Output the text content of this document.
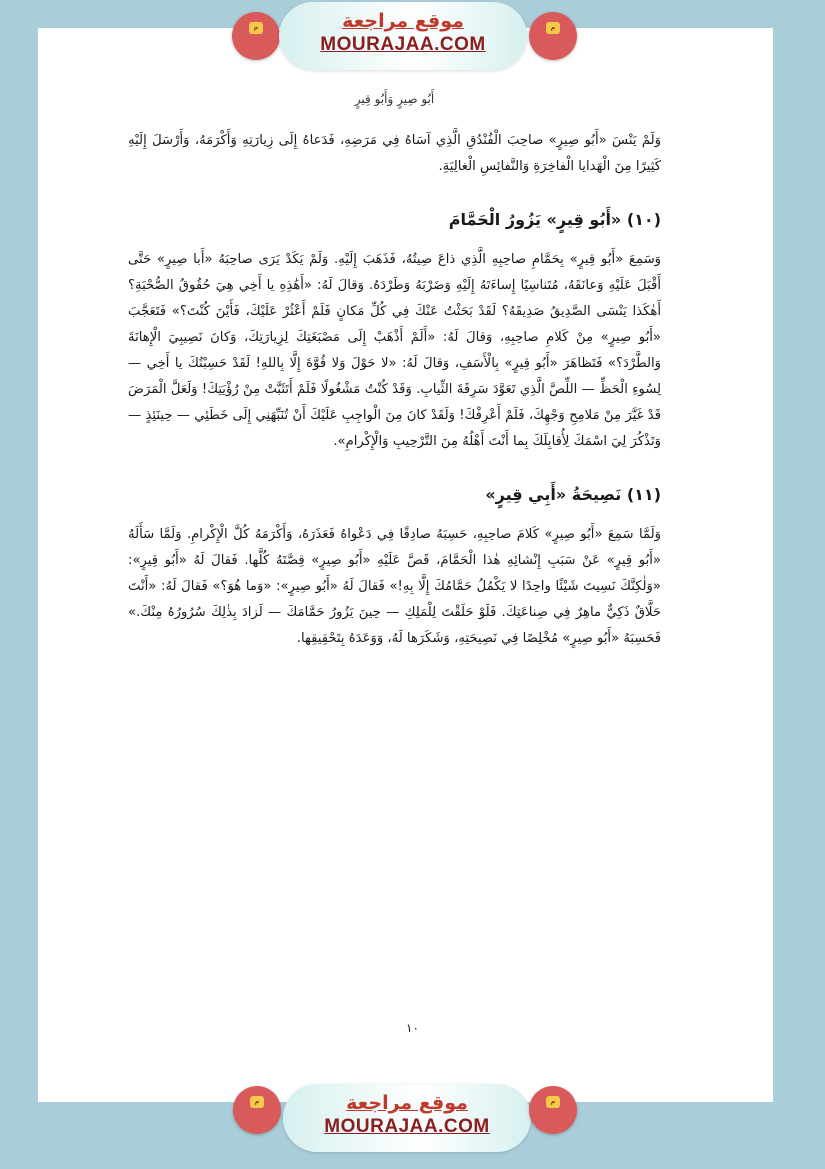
م	موقع مراجعة
MOURAJAA.COM
م

أَبُو صِيرٍ وَأَبُو قِيرٍ

وَلَمْ يَنْسَ «أَبُو صِيرٍ» صاحِبَ الْفُنْدُقِ الَّذِي آسَاهُ فِي مَرَضِهِ، فَدَعاهُ إِلَى زِيارَتِهِ وَأَكْرَمَهُ، وَأَرْسَلَ إِلَيْهِ كَثِيرًا مِنَ الْهَدايا الْفاخِرَةِ وَالنَّفائِسِ الْغالِيَةِ.

(١٠) «أَبُو قِيرٍ» يَزُورُ الْحَمَّامَ

وَسَمِعَ «أَبُو قِيرٍ» بِحَمَّامِ صاحِبِهِ الَّذِي ذاعَ صِيتُهُ، فَذَهَبَ إِلَيْهِ. وَلَمْ يَكَدْ يَرَى صاحِبَهُ «أَبا صِيرٍ» حَتَّى أَقْبَلَ عَلَيْهِ وَعانَقَهُ، مُتَناسِيًا إِساءَتَهُ إِلَيْهِ وَضَرْبَهُ وَطَرْدَهُ. وَقالَ لَهُ: «أَهَٰذِهِ يا أَخِي هِيَ حُقُوقُ الصُّحْبَةِ؟ أَهٰكَذا يَنْسَى الصَّدِيقُ صَدِيقَهُ؟ لَقَدْ بَحَثْتُ عَنْكَ فِي كُلِّ مَكانٍ فَلَمْ أَعْثُرْ عَلَيْكَ، فَأَيْنَ كُنْتَ؟» فَتَعَجَّبَ «أَبُو صِيرٍ» مِنْ كَلامِ صاحِبِهِ، وَقالَ لَهُ: «أَلَمْ أَذْهَبْ إِلَى مَصْبَغَتِكَ لِزِيارَتِكَ، وَكانَ نَصِيبِيَ الْإِهانَةَ وَالطَّرْدَ؟» فَتَظاهَرَ «أَبُو قِيرٍ» بِالْأَسَفِ، وَقالَ لَهُ: «لا حَوْلَ وَلا قُوَّةَ إِلَّا بِاللهِ! لَقَدْ حَسِبْتُكَ يا أَخِي — لِسُوءِ الْحَظِّ — اللِّصَّ الَّذِي تَعَوَّدَ سَرِقَةَ الثِّيابِ. وَقَدْ كُنْتُ مَشْغُولًا فَلَمْ أَتَثَبَّتْ مِنْ رُؤْيَتِكَ! وَلَعَلَّ الْمَرَضَ قَدْ غَيَّرَ مِنْ مَلامِحِ وَجْهِكَ، فَلَمْ أَعْرِفْكَ! وَلَقَدْ كانَ مِنَ الْواجِبِ عَلَيْكَ أَنْ تُنَبِّهَنِي إِلَى خَطَئِي — حِينَئِذٍ — وَتَذْكُرَ لِيَ اسْمَكَ لِأُقابِلَكَ بِما أَنْتَ أَهْلُهُ مِنَ التَّرْحِيبِ وَالْإِكْرامِ».

(١١) نَصِيحَةُ «أَبِي قِيرٍ»

وَلَمَّا سَمِعَ «أَبُو صِيرٍ» كَلامَ صاحِبِهِ، حَسِبَهُ صادِقًا فِي دَعْواهُ فَعَذَرَهُ، وَأَكْرَمَهُ كُلَّ الْإِكْرامِ. وَلَمَّا سَأَلَهُ «أَبُو قِيرٍ» عَنْ سَبَبِ إِنْشائِهِ هٰذا الْحَمَّامَ، قَصَّ عَلَيْهِ «أَبُو صِيرٍ» قِصَّتَهُ كُلَّها. فَقالَ لَهُ «أَبُو قِيرٍ»: «وَلٰكِنَّكَ نَسِيتَ شَيْئًا واحِدًا لا يَكْمُلُ حَمَّامُكَ إِلَّا بِهِ!» فَقالَ لَهُ «أَبُو صِيرٍ»: «وَما هُوَ؟» فَقالَ لَهُ: «أَنْتَ حَلَّاقٌ ذَكِيٌّ ماهِرٌ فِي صِناعَتِكَ. فَلَوْ حَلَقْتَ لِلْمَلِكِ — حِينَ يَزُورُ حَمَّامَكَ — لَزادَ بِذٰلِكَ سُرُورُهُ مِنْكَ.» فَحَسِبَهُ «أَبُو صِيرٍ» مُخْلِصًا فِي نَصِيحَتِهِ، وَشَكَرَها لَهُ، وَوَعَدَهُ بِتَحْقِيقِها.

١٠
م	موقع مراجعة
MOURAJAA.COM
م
